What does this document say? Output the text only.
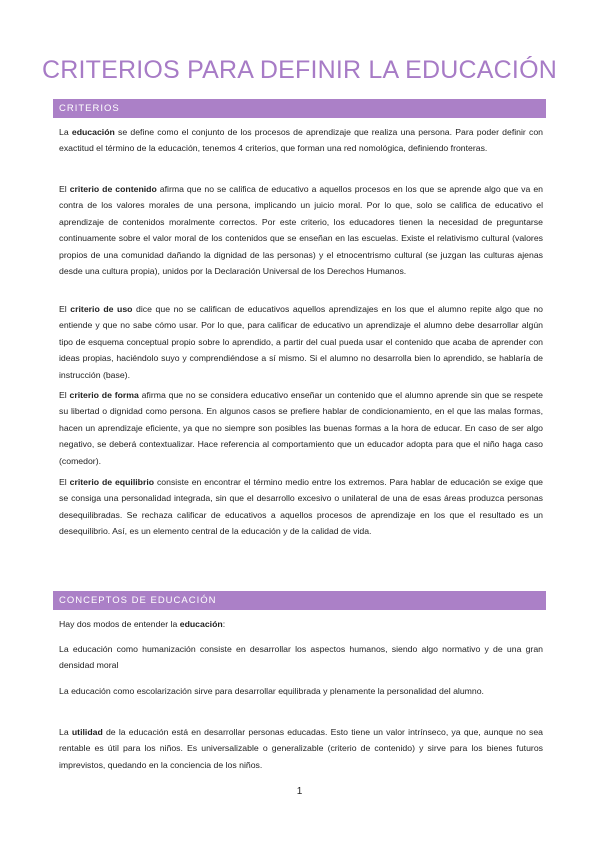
CRITERIOS PARA DEFINIR LA EDUCACIÓN
CRITERIOS
La educación se define como el conjunto de los procesos de aprendizaje que realiza una persona. Para poder definir con exactitud el término de la educación, tenemos 4 criterios, que forman una red nomológica, definiendo fronteras.
El criterio de contenido afirma que no se califica de educativo a aquellos procesos en los que se aprende algo que va en contra de los valores morales de una persona, implicando un juicio moral. Por lo que, solo se califica de educativo el aprendizaje de contenidos moralmente correctos. Por este criterio, los educadores tienen la necesidad de preguntarse continuamente sobre el valor moral de los contenidos que se enseñan en las escuelas. Existe el relativismo cultural (valores propios de una comunidad dañando la dignidad de las personas) y el etnocentrismo cultural (se juzgan las culturas ajenas desde una cultura propia), unidos por la Declaración Universal de los Derechos Humanos.
El criterio de uso dice que no se califican de educativos aquellos aprendizajes en los que el alumno repite algo que no entiende y que no sabe cómo usar. Por lo que, para calificar de educativo un aprendizaje el alumno debe desarrollar algún tipo de esquema conceptual propio sobre lo aprendido, a partir del cual pueda usar el contenido que acaba de aprender con ideas propias, haciéndolo suyo y comprendiéndose a sí mismo. Si el alumno no desarrolla bien lo aprendido, se hablaría de instrucción (base).
El criterio de forma afirma que no se considera educativo enseñar un contenido que el alumno aprende sin que se respete su libertad o dignidad como persona. En algunos casos se prefiere hablar de condicionamiento, en el que las malas formas, hacen un aprendizaje eficiente, ya que no siempre son posibles las buenas formas a la hora de educar. En caso de ser algo negativo, se deberá contextualizar. Hace referencia al comportamiento que un educador adopta para que el niño haga caso (comedor).
El criterio de equilibrio consiste en encontrar el término medio entre los extremos. Para hablar de educación se exige que se consiga una personalidad integrada, sin que el desarrollo excesivo o unilateral de una de esas áreas produzca personas desequilibradas. Se rechaza calificar de educativos a aquellos procesos de aprendizaje en los que el resultado es un desequilibrio. Así, es un elemento central de la educación y de la calidad de vida.
CONCEPTOS DE EDUCACIÓN
Hay dos modos de entender la educación:
La educación como humanización consiste en desarrollar los aspectos humanos, siendo algo normativo y de una gran densidad moral
La educación como escolarización sirve para desarrollar equilibrada y plenamente la personalidad del alumno.
La utilidad de la educación está en desarrollar personas educadas. Esto tiene un valor intrínseco, ya que, aunque no sea rentable es útil para los niños. Es universalizable o generalizable (criterio de contenido) y sirve para los bienes futuros imprevistos, quedando en la conciencia de los niños.
1
